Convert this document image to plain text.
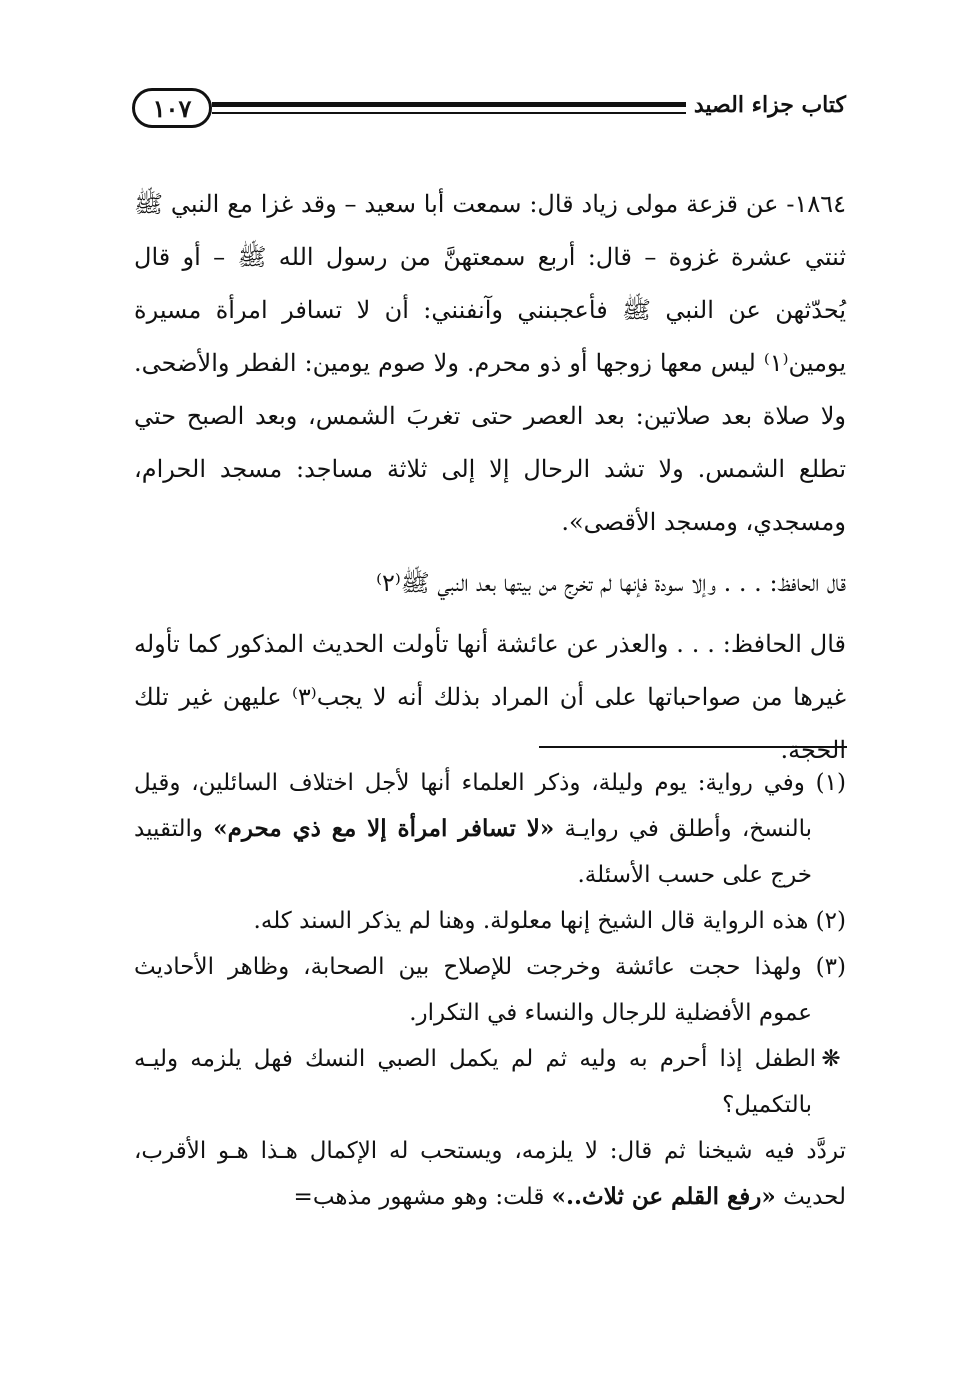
١٠٧	كتاب جزاء الصيد

١٨٦٤- عن قزعة مولى زياد قال: سمعت أبا سعيد – وقد غزا مع النبي ﷺ ثنتي عشرة غزوة – قال: أربع سمعتهنَّ من رسول الله ﷺ – أو قال يُحدّثهن عن النبي ﷺ فأعجبنني وآنفنني: أن لا تسافر امرأة مسيرة يومين⁽١⁾ ليس معها زوجها أو ذو محرم. ولا صوم يومين: الفطر والأضحى. ولا صلاة بعد صلاتين: بعد العصر حتى تغربَ الشمس، وبعد الصبح حتي تطلع الشمس. ولا تشد الرحال إلا إلى ثلاثة مساجد: مسجد الحرام، ومسجدي، ومسجد الأقصى».

قال الحافظ: . . . وإلا سودة فإنها لم تخرج من بيتها بعد النبي ﷺ⁽٢⁾

قال الحافظ: . . . والعذر عن عائشة أنها تأولت الحديث المذكور كما تأوله غيرها من صواحباتها على أن المراد بذلك أنه لا يجب⁽٣⁾ عليهن غير تلك الحجة.

(١) وفي رواية: يوم وليلة، وذكر العلماء أنها لأجل اختلاف السائلين، وقيل بالنسخ، وأطلق في روايـة «لا تسافر امرأة إلا مع ذي محرم» والتقييد خرج على حسب الأسئلة.

(٢) هذه الرواية قال الشيخ إنها معلولة. وهنا لم يذكر السند كله.

(٣) ولهذا حجت عائشة وخرجت للإصلاح بين الصحابة، وظاهر الأحاديث عموم الأفضلية للرجال والنساء في التكرار.

❋الطفل إذا أحرم به وليه ثم لم يكمل الصبي النسك فهل يلزمه وليـه بالتكميل؟

تردَّد فيه شيخنا ثم قال: لا يلزمه، ويستحب له الإكمال هـذا هـو الأقرب، لحديث «رفع القلم عن ثلاث..» قلت: وهو مشهور مذهب=
